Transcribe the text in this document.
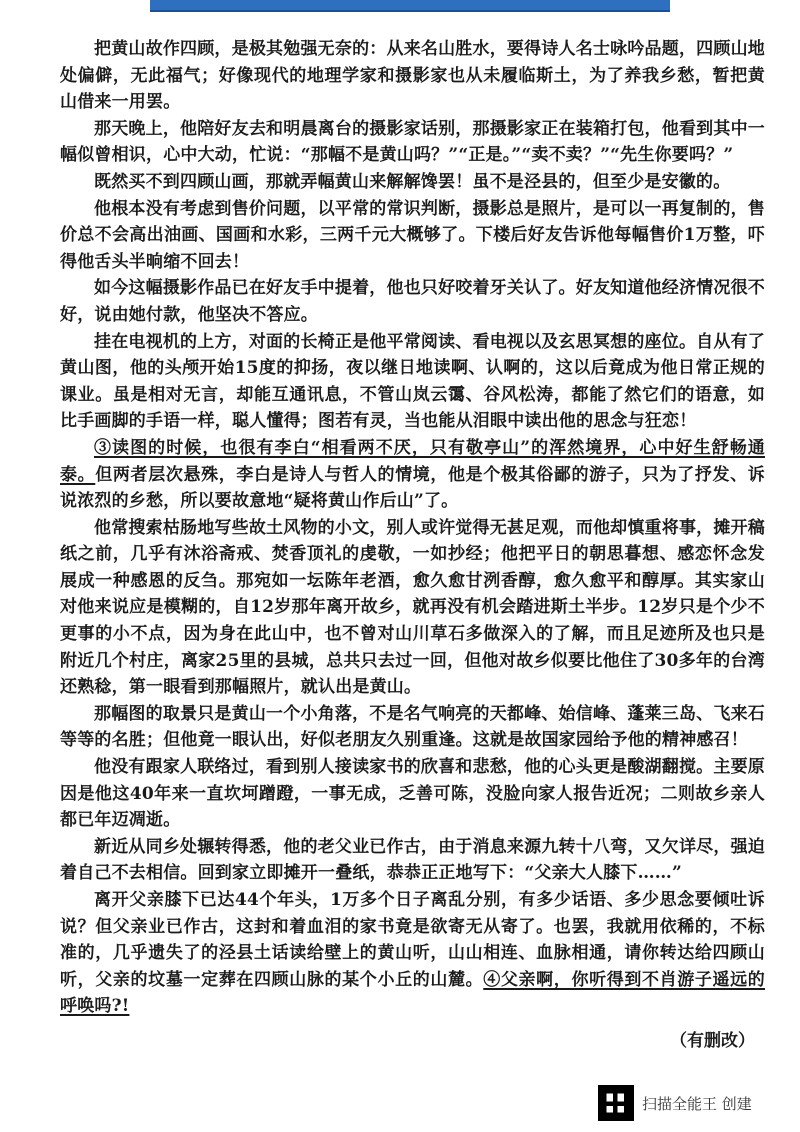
把黄山故作四顾，是极其勉强无奈的：从来名山胜水，要得诗人名士咏吟品题，四顾山地处偏僻，无此福气；好像现代的地理学家和摄影家也从未履临斯土，为了养我乡愁，暂把黄山借来一用罢。

那天晚上，他陪好友去和明晨离台的摄影家话别，那摄影家正在装箱打包，他看到其中一幅似曾相识，心中大动，忙说：“那幅不是黄山吗？”“正是。”“卖不卖？”“先生你要吗？”

既然买不到四顾山画，那就弄幅黄山来解解馋罢！虽不是泾县的，但至少是安徽的。

他根本没有考虑到售价问题，以平常的常识判断，摄影总是照片，是可以一再复制的，售价总不会高出油画、国画和水彩，三两千元大概够了。下楼后好友告诉他每幅售价1万整，吓得他舌头半晌缩不回去！

如今这幅摄影作品已在好友手中提着，他也只好咬着牙关认了。好友知道他经济情况很不好，说由她付款，他坚决不答应。

挂在电视机的上方，对面的长椅正是他平常阅读、看电视以及玄思冥想的座位。自从有了黄山图，他的头颅开始15度的抑扬，夜以继日地读啊、认啊的，这以后竟成为他日常正规的课业。虽是相对无言，却能互通讯息，不管山岚云霭、谷风松涛，都能了然它们的语意，如比手画脚的手语一样，聪人懂得；图若有灵，当也能从泪眼中读出他的思念与狂恋！

③读图的时候，也很有李白“相看两不厌，只有敬亭山”的浑然境界，心中好生舒畅通泰。但两者层次悬殊，李白是诗人与哲人的情境，他是个极其俗鄙的游子，只为了抒发、诉说浓烈的乡愁，所以要故意地“疑将黄山作后山”了。

他常搜索枯肠地写些故土风物的小文，别人或许觉得无甚足观，而他却慎重将事，摊开稿纸之前，几乎有沐浴斋戒、焚香顶礼的虔敬，一如抄经；他把平日的朝思暮想、感恋怀念发展成一种感恩的反刍。那宛如一坛陈年老酒，愈久愈甘洌香醇，愈久愈平和醇厚。其实家山对他来说应是模糊的，自12岁那年离开故乡，就再没有机会踏进斯土半步。12岁只是个少不更事的小不点，因为身在此山中，也不曾对山川草石多做深入的了解，而且足迹所及也只是附近几个村庄，离家25里的县城，总共只去过一回，但他对故乡似要比他住了30多年的台湾还熟稔，第一眼看到那幅照片，就认出是黄山。

那幅图的取景只是黄山一个小角落，不是名气响亮的天都峰、始信峰、蓬莱三岛、飞来石等等的名胜；但他竟一眼认出，好似老朋友久别重逢。这就是故国家园给予他的精神感召！

他没有跟家人联络过，看到别人接读家书的欣喜和悲愁，他的心头更是酸湖翻搅。主要原因是他这40年来一直坎坷蹭蹬，一事无成，乏善可陈，没脸向家人报告近况；二则故乡亲人都已年迈凋逝。

新近从同乡处辗转得悉，他的老父业已作古，由于消息来源九转十八弯，又欠详尽，强迫着自己不去相信。回到家立即摊开一叠纸，恭恭正正地写下：“父亲大人膝下……”

离开父亲膝下已达44个年头，1万多个日子离乱分别，有多少话语、多少思念要倾吐诉说？但父亲业已作古，这封和着血泪的家书竟是欲寄无从寄了。也罢，我就用依稀的，不标准的，几乎遗失了的泾县土话读给壁上的黄山听，山山相连、血脉相通，请你转达给四顾山听，父亲的坟墓一定葬在四顾山脉的某个小丘的山麓。④父亲啊，你听得到不肖游子遥远的呼唤吗?!

（有删改）
扫描全能王 创建
